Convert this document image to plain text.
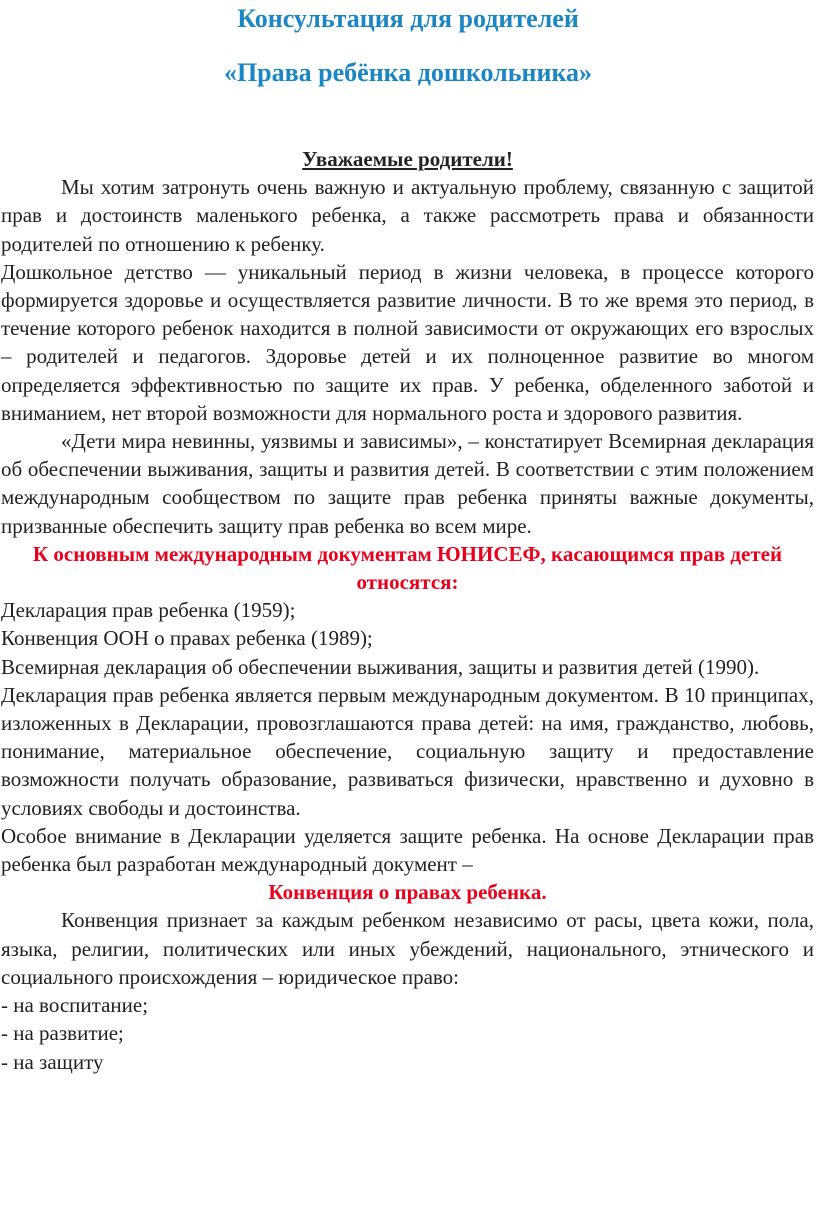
Консультация для родителей
«Права ребёнка дошкольника»

Уважаемые родители!

Мы хотим затронуть очень важную и актуальную проблему, связанную с защитой прав и достоинств маленького ребенка, а также рассмотреть права и обязанности родителей по отношению к ребенку.

Дошкольное детство — уникальный период в жизни человека, в процессе которого формируется здоровье и осуществляется развитие личности. В то же время это период, в течение которого ребенок находится в полной зависимости от окружающих его взрослых – родителей и педагогов. Здоровье детей и их полноценное развитие во многом определяется эффективностью по защите их прав. У ребенка, обделенного заботой и вниманием, нет второй возможности для нормального роста и здорового развития.

«Дети мира невинны, уязвимы и зависимы», – констатирует Всемирная декларация об обеспечении выживания, защиты и развития детей. В соответствии с этим положением международным сообществом по защите прав ребенка приняты важные документы, призванные обеспечить защиту прав ребенка во всем мире.

К основным международным документам ЮНИСЕФ, касающимся прав детей относятся:

Декларация прав ребенка (1959);

Конвенция ООН о правах ребенка (1989);

Всемирная декларация об обеспечении выживания, защиты и развития детей (1990).

Декларация прав ребенка является первым международным документом. В 10 принципах, изложенных в Декларации, провозглашаются права детей: на имя, гражданство, любовь, понимание, материальное обеспечение, социальную защиту и предоставление возможности получать образование, развиваться физически, нравственно и духовно в условиях свободы и достоинства.

Особое внимание в Декларации уделяется защите ребенка. На основе Декларации прав ребенка был разработан международный документ –

Конвенция о правах ребенка.

Конвенция признает за каждым ребенком независимо от расы, цвета кожи, пола, языка, религии, политических или иных убеждений, национального, этнического и социального происхождения – юридическое право:

- на воспитание;

- на развитие;

- на защиту
